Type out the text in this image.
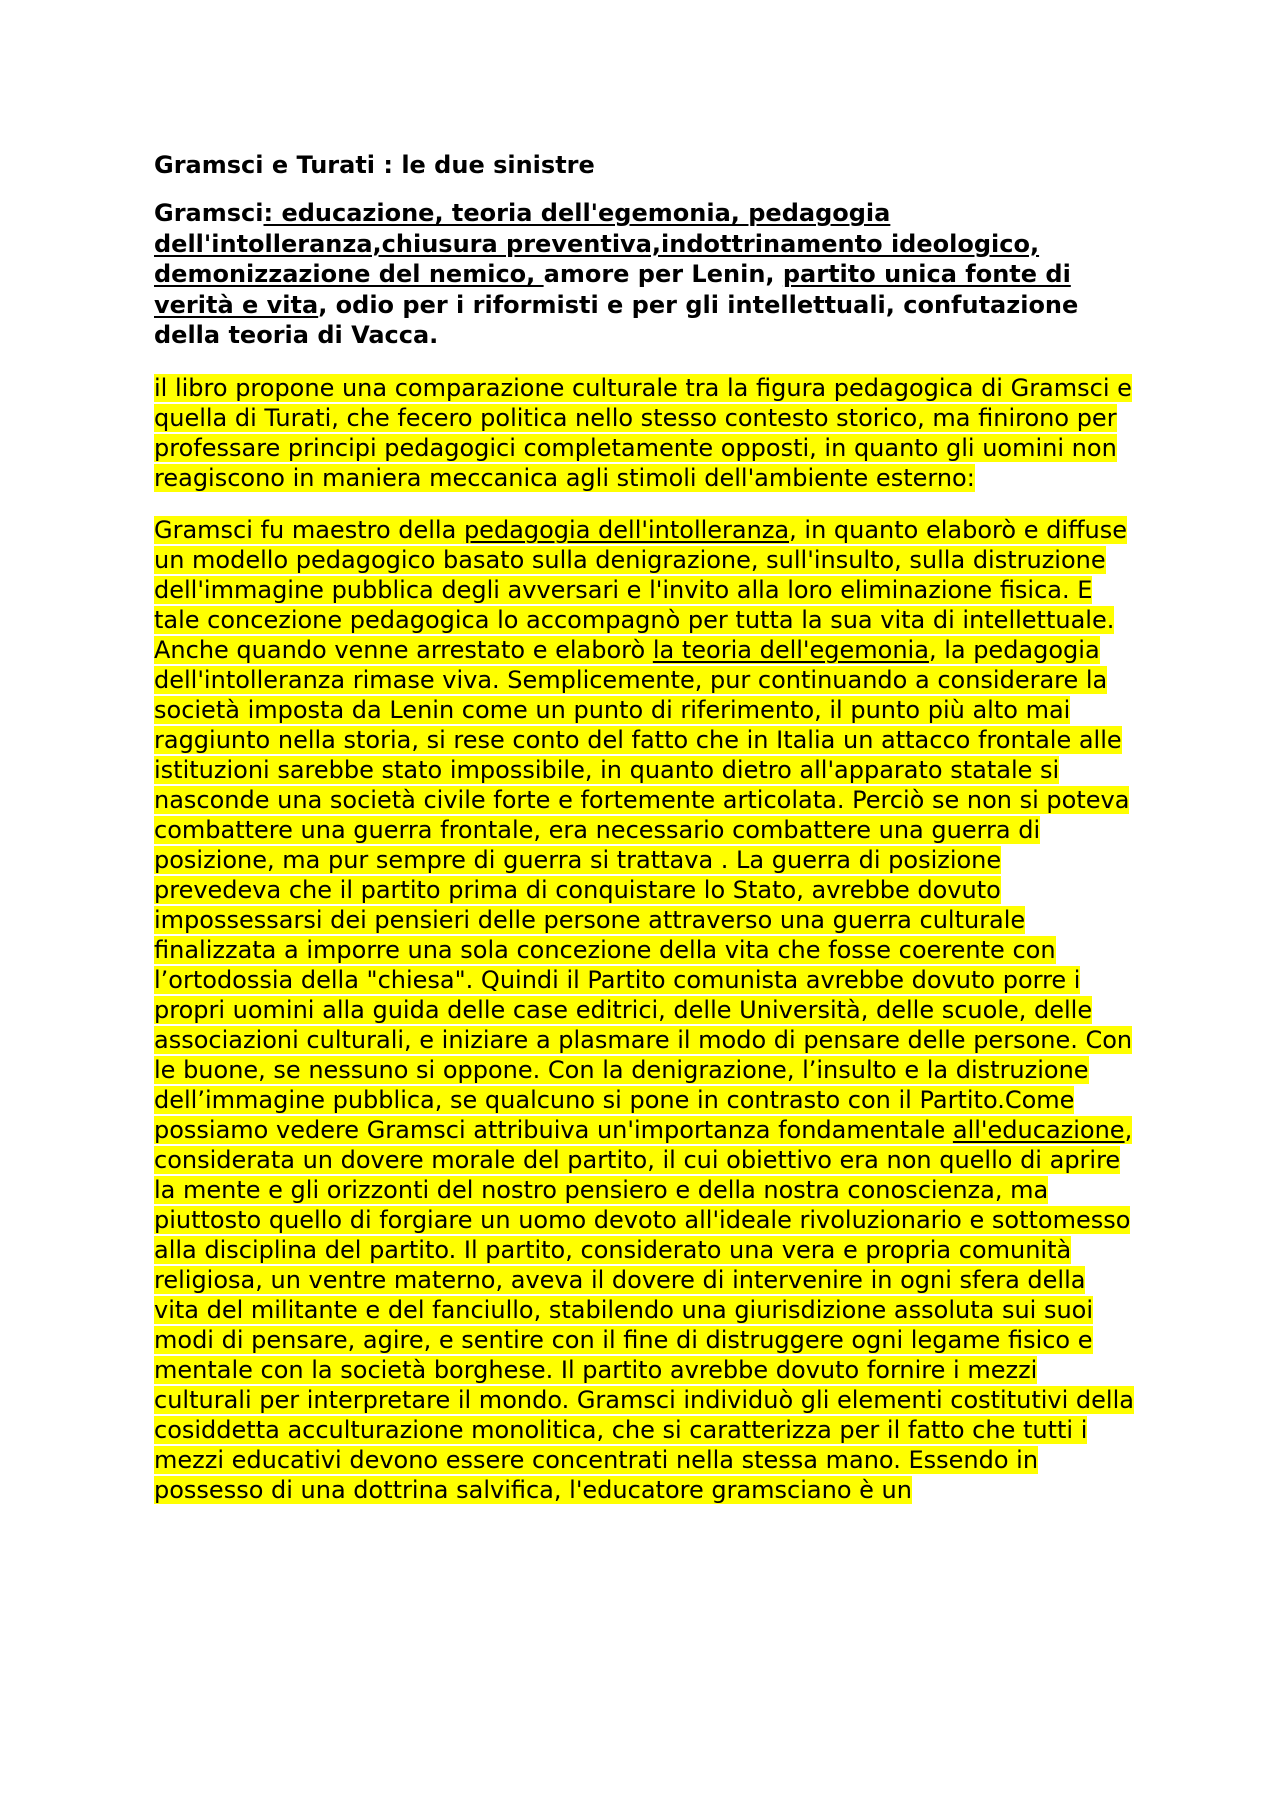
Gramsci e Turati : le due sinistre
Gramsci: educazione, teoria dell'egemonia, pedagogia dell'intolleranza,chiusura preventiva,indottrinamento ideologico, demonizzazione del nemico, amore per Lenin, partito unica fonte di verità e vita, odio per i riformisti e per gli intellettuali, confutazione della teoria di Vacca.
il libro propone una comparazione culturale tra la figura pedagogica di Gramsci e quella di Turati, che fecero politica nello stesso contesto storico, ma finirono per professare principi pedagogici completamente opposti, in quanto gli uomini non reagiscono in maniera meccanica agli stimoli dell'ambiente esterno:
Gramsci fu maestro della pedagogia dell'intolleranza, in quanto elaborò e diffuse un modello pedagogico basato sulla denigrazione, sull'insulto, sulla distruzione dell'immagine pubblica degli avversari e l'invito alla loro eliminazione fisica. E tale concezione pedagogica lo accompagnò per tutta la sua vita di intellettuale. Anche quando venne arrestato e elaborò la teoria dell'egemonia, la pedagogia dell'intolleranza rimase viva. Semplicemente, pur continuando a considerare la società imposta da Lenin come un punto di riferimento, il punto più alto mai raggiunto nella storia, si rese conto del fatto che in Italia un attacco frontale alle istituzioni sarebbe stato impossibile, in quanto dietro all'apparato statale si nasconde una società civile forte e fortemente articolata. Perciò se non si poteva combattere una guerra frontale, era necessario combattere una guerra di posizione, ma pur sempre di guerra si trattava . La guerra di posizione prevedeva che il partito prima di conquistare lo Stato, avrebbe dovuto impossessarsi dei pensieri delle persone attraverso una guerra culturale finalizzata a imporre una sola concezione della vita che fosse coerente con l’ortodossia della "chiesa". Quindi il Partito comunista avrebbe dovuto porre i propri uomini alla guida delle case editrici, delle Università, delle scuole, delle associazioni culturali, e iniziare a plasmare il modo di pensare delle persone. Con le buone, se nessuno si oppone. Con la denigrazione, l’insulto e la distruzione dell’immagine pubblica, se qualcuno si pone in contrasto con il Partito.Come possiamo vedere Gramsci attribuiva un'importanza fondamentale all'educazione, considerata un dovere morale del partito, il cui obiettivo era non quello di aprire la mente e gli orizzonti del nostro pensiero e della nostra conoscienza, ma piuttosto quello di forgiare un uomo devoto all'ideale rivoluzionario e sottomesso alla disciplina del partito. Il partito, considerato una vera e propria comunità religiosa, un ventre materno, aveva il dovere di intervenire in ogni sfera della vita del militante e del fanciullo, stabilendo una giurisdizione assoluta sui suoi modi di pensare, agire, e sentire con il fine di distruggere ogni legame fisico e mentale con la società borghese. Il partito avrebbe dovuto fornire i mezzi culturali per interpretare il mondo. Gramsci individuò gli elementi costitutivi della cosiddetta acculturazione monolitica, che si caratterizza per il fatto che tutti i mezzi educativi devono essere concentrati nella stessa mano. Essendo in possesso di una dottrina salvifica, l'educatore gramsciano è un
